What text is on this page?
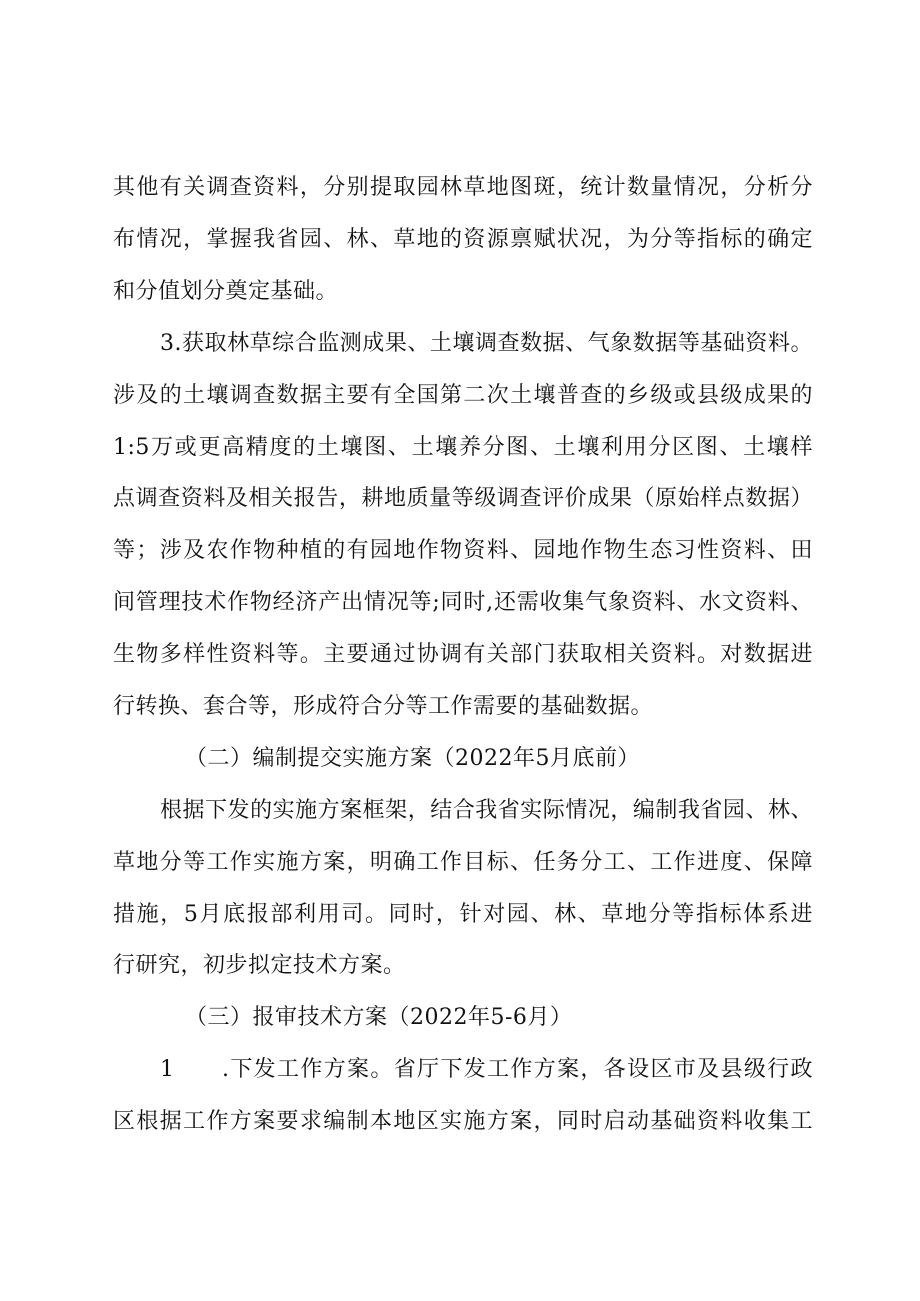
其他有关调查资料，分别提取园林草地图斑，统计数量情况，分析分
布情况，掌握我省园、林、草地的资源禀赋状况，为分等指标的确定
和分值划分奠定基础。
3.获取林草综合监测成果、土壤调查数据、气象数据等基础资料。
涉及的土壤调查数据主要有全国第二次土壤普查的乡级或县级成果的
1:5万或更高精度的土壤图、土壤养分图、土壤利用分区图、土壤样
点调查资料及相关报告，耕地质量等级调查评价成果（原始样点数据）
等；涉及农作物种植的有园地作物资料、园地作物生态习性资料、田
间管理技术作物经济产出情况等;同时,还需收集气象资料、水文资料、
生物多样性资料等。主要通过协调有关部门获取相关资料。对数据进
行转换、套合等，形成符合分等工作需要的基础数据。
（二）编制提交实施方案（2022年5月底前）
根据下发的实施方案框架，结合我省实际情况，编制我省园、林、
草地分等工作实施方案，明确工作目标、任务分工、工作进度、保障
措施，5月底报部利用司。同时，针对园、林、草地分等指标体系进
行研究，初步拟定技术方案。
（三）报审技术方案（2022年5-6月）
1 .下发工作方案。省厅下发工作方案，各设区市及县级行政
区根据工作方案要求编制本地区实施方案，同时启动基础资料收集工
